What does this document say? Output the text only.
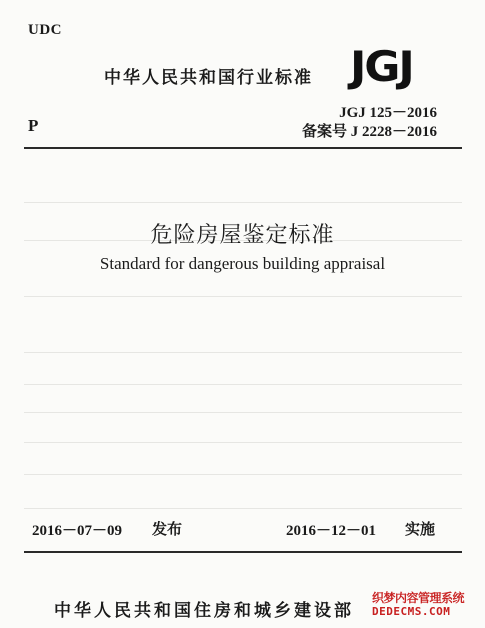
UDC
中华人民共和国行业标准 JGJ
JGJ 125－2016
P	备案号 J 2228－2016
危险房屋鉴定标准
Standard for dangerous building appraisal
2016－07－09 发布	2016－12－01 实施
中华人民共和国住房和城乡建设部
织梦内容管理系统
DEDECMS.COM
